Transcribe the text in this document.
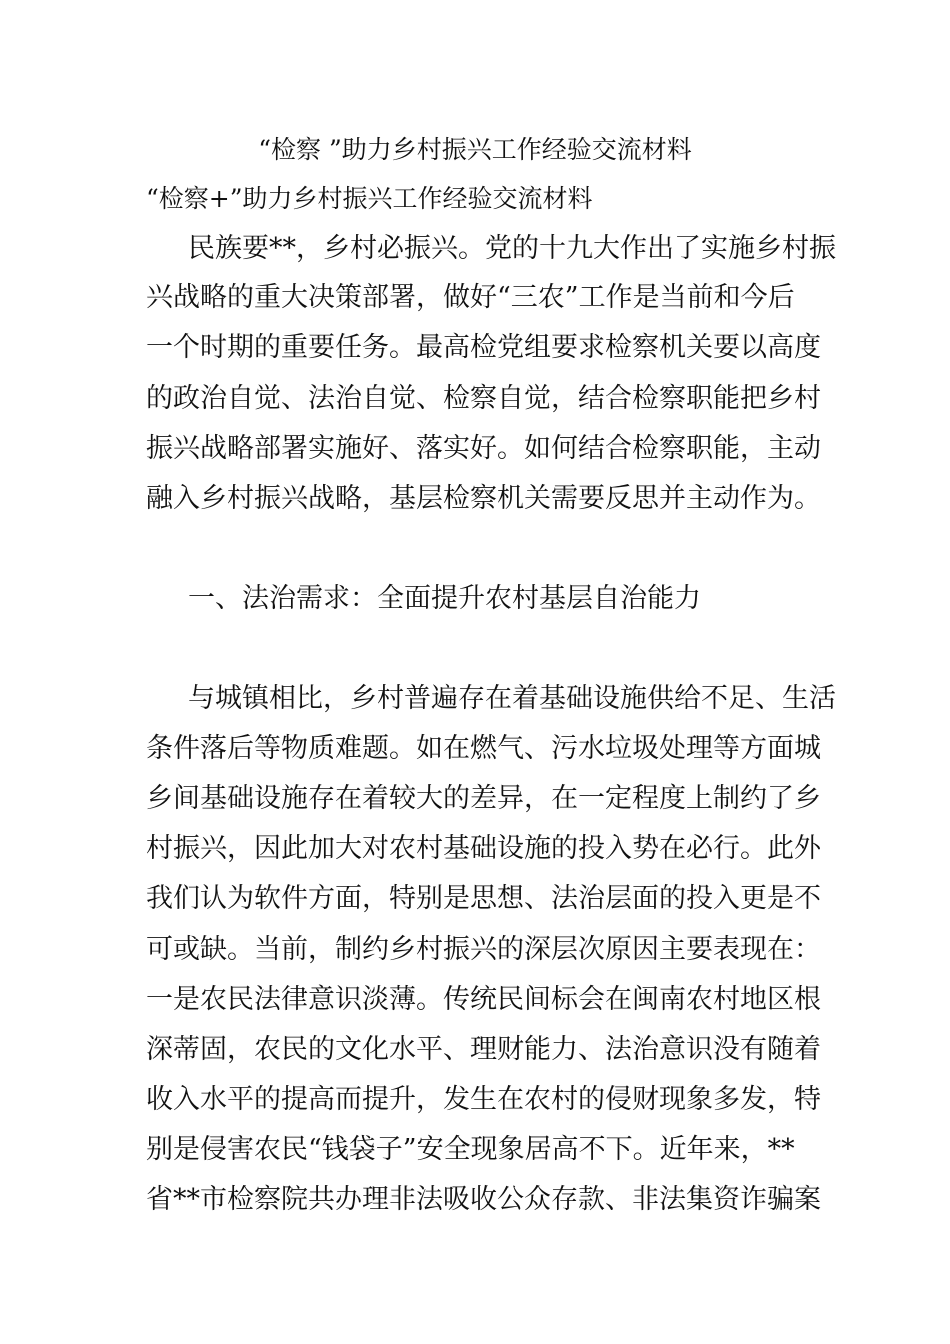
“检察 ”助力乡村振兴工作经验交流材料

“检察+”助力乡村振兴工作经验交流材料

民族要**，乡村必振兴。党的十九大作出了实施乡村振

兴战略的重大决策部署，做好“三农”工作是当前和今后

一个时期的重要任务。最高检党组要求检察机关要以高度

的政治自觉、法治自觉、检察自觉，结合检察职能把乡村

振兴战略部署实施好、落实好。如何结合检察职能，主动

融入乡村振兴战略，基层检察机关需要反思并主动作为。

一、法治需求：全面提升农村基层自治能力

与城镇相比，乡村普遍存在着基础设施供给不足、生活

条件落后等物质难题。如在燃气、污水垃圾处理等方面城

乡间基础设施存在着较大的差异，在一定程度上制约了乡

村振兴，因此加大对农村基础设施的投入势在必行。此外

我们认为软件方面，特别是思想、法治层面的投入更是不

可或缺。当前，制约乡村振兴的深层次原因主要表现在：

一是农民法律意识淡薄。传统民间标会在闽南农村地区根

深蒂固，农民的文化水平、理财能力、法治意识没有随着

收入水平的提高而提升，发生在农村的侵财现象多发，特

别是侵害农民“钱袋子”安全现象居高不下。近年来，**

省**市检察院共办理非法吸收公众存款、非法集资诈骗案
